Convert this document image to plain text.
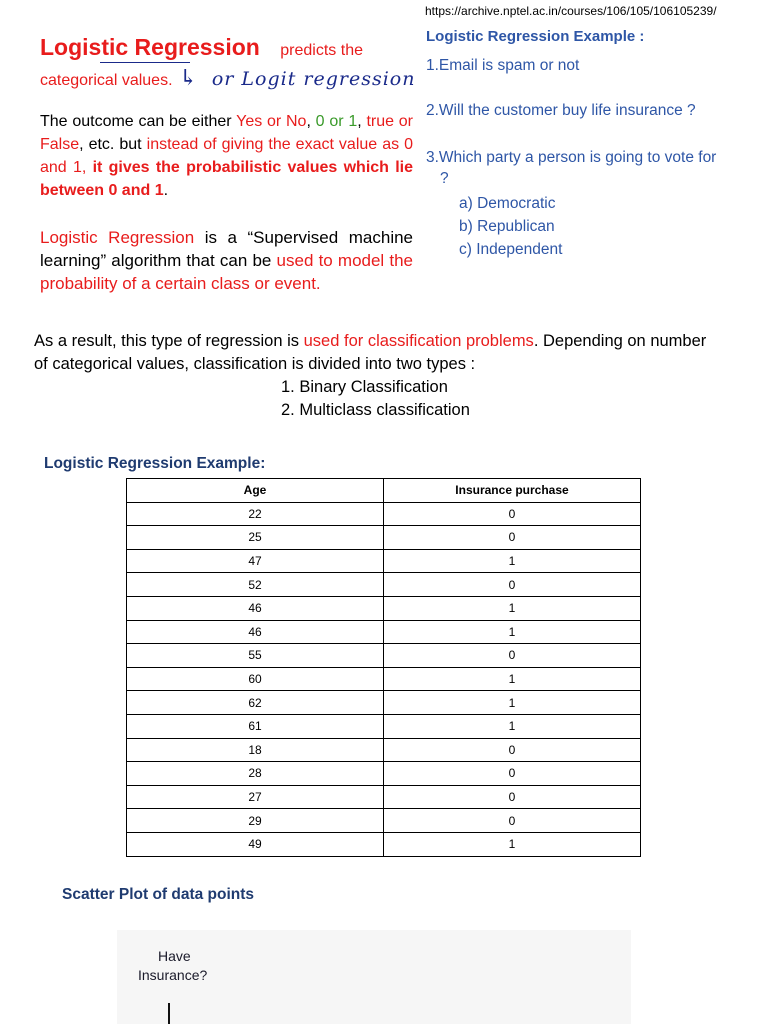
https://archive.nptel.ac.in/courses/106/105/106105239/
Logistic Regression Example :
1.Email is spam or not
2.Will the customer buy life insurance ?
3.Which party a person is going to vote for
?
a) Democratic
b) Republican
c) Independent
Logistic Regression predicts the
categorical values. ↳ or Logit regression
The outcome can be either Yes or No, 0 or 1, true or False, etc. but instead of giving the exact value as 0 and 1, it gives the probabilistic values which lie between 0 and 1.
Logistic Regression is a “Supervised machine learning” algorithm that can be used to model the probability of a certain class or event.
As a result, this type of regression is used for classification problems. Depending on number of categorical values, classification is divided into two types :
1. Binary Classification
2. Multiclass classification
Logistic Regression Example:
Age	Insurance purchase
22	0
25	0
47	1
52	0
46	1
46	1
55	0
60	1
62	1
61	1
18	0
28	0
27	0
29	0
49	1
Scatter Plot of data points
Have
Insurance?
